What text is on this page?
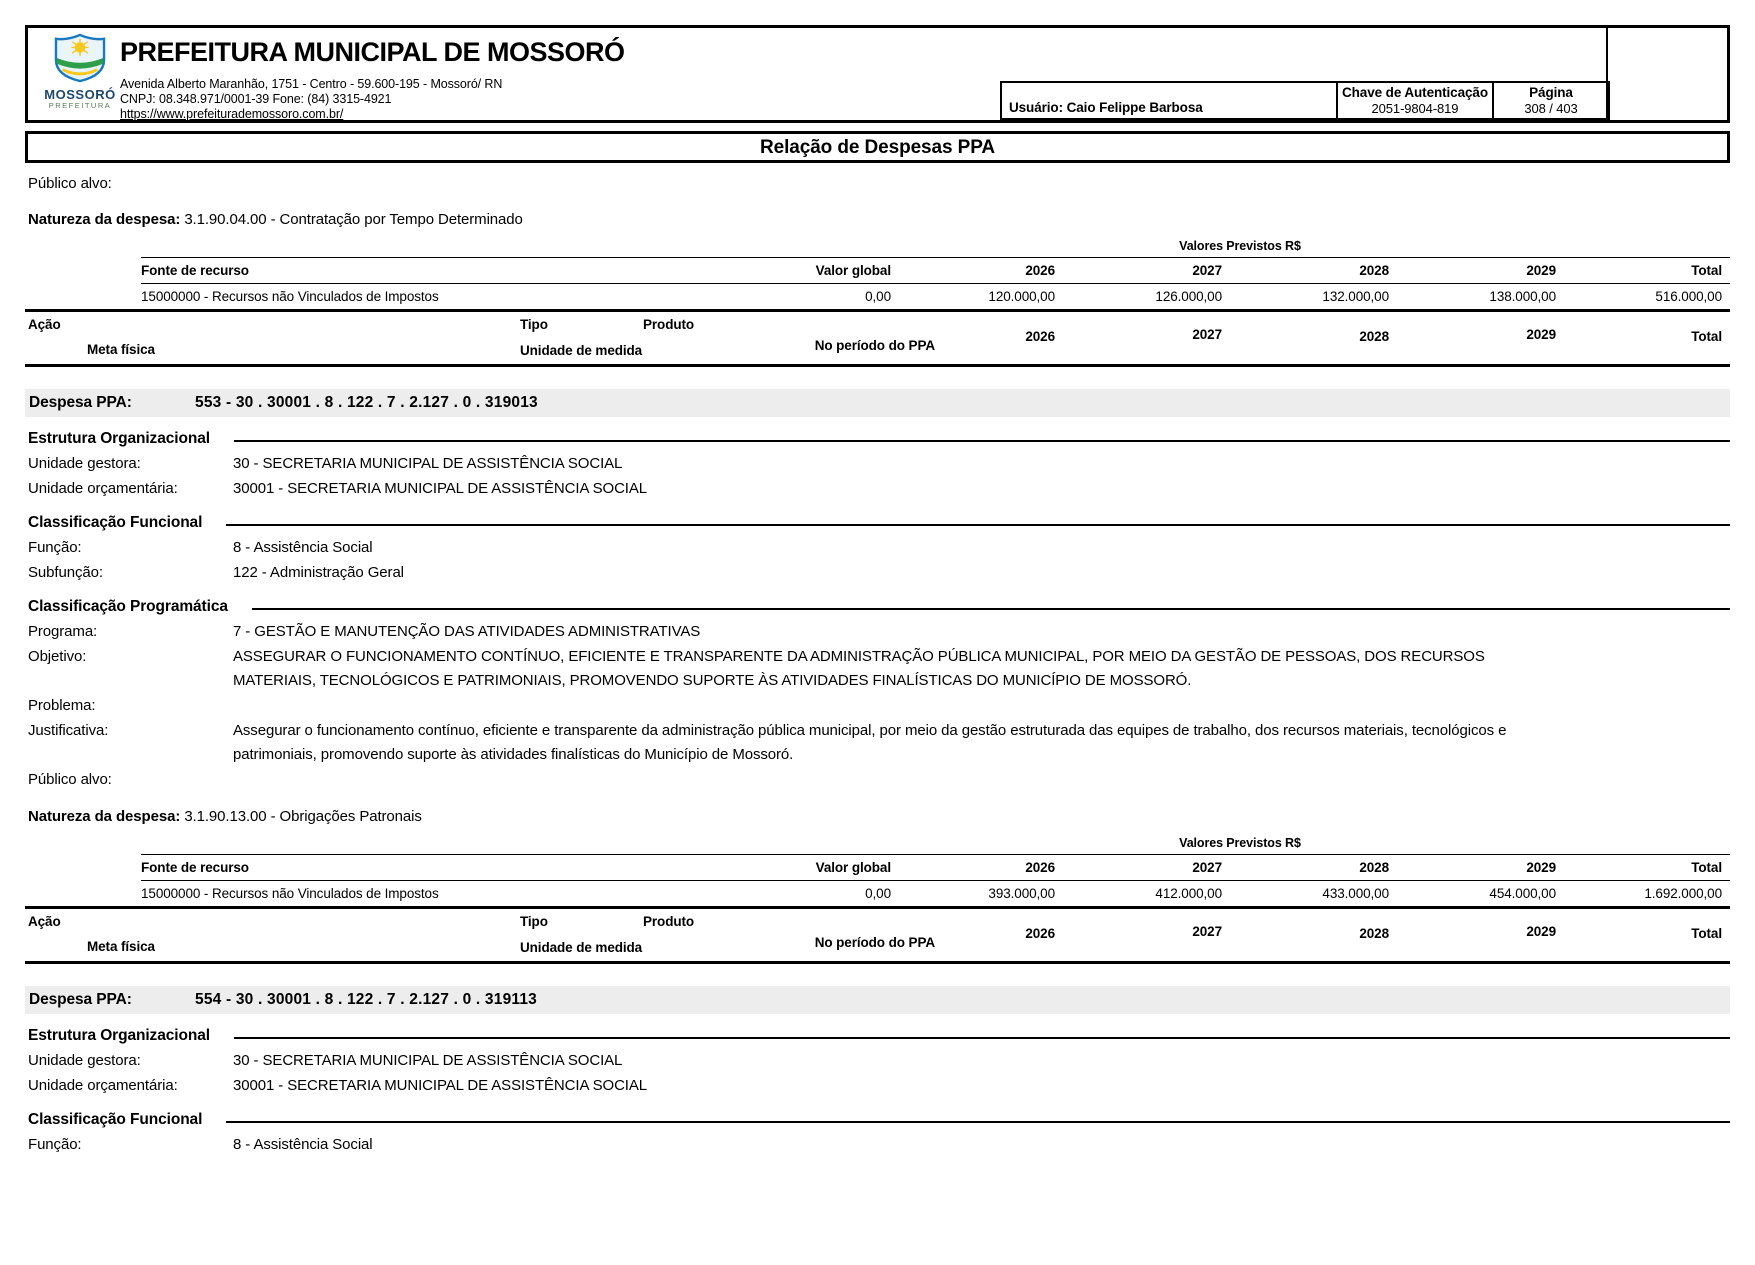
MOSSORÓ
PREFEITURA
PREFEITURA MUNICIPAL DE MOSSORÓ
Avenida Alberto Maranhão, 1751 - Centro - 59.600-195 - Mossoró/ RN
CNPJ: 08.348.971/0001-39 Fone: (84) 3315-4921
https://www.prefeiturademossoro.com.br/	Usuário: Caio Felippe Barbosa
Chave de Autenticação
2051-9804-819
Página
308 / 403
Relação de Despesas PPA
Público alvo:
Natureza da despesa: 3.1.90.04.00 - Contratação por Tempo Determinado
Valores Previstos R$
Fonte de recurso	Valor global	2026	2027	2028	2029	Total
15000000 - Recursos não Vinculados de Impostos	0,00	120.000,00	126.000,00	132.000,00	138.000,00	516.000,00
Ação	Tipo	Produto
Meta física	Unidade de medida	No período do PPA
2026	2027	2028	2029	Total
Despesa PPA:	553 - 30 . 30001 . 8 . 122 . 7 . 2.127 . 0 . 319013
Estrutura Organizacional
Unidade gestora:	30 - SECRETARIA MUNICIPAL DE ASSISTÊNCIA SOCIAL
Unidade orçamentária:	30001 - SECRETARIA MUNICIPAL DE ASSISTÊNCIA SOCIAL
Classificação Funcional
Função:	8 - Assistência Social
Subfunção:	122 - Administração Geral
Classificação Programática
Programa:	7 - GESTÃO E MANUTENÇÃO DAS ATIVIDADES ADMINISTRATIVAS
Objetivo:	ASSEGURAR O FUNCIONAMENTO CONTÍNUO, EFICIENTE E TRANSPARENTE DA ADMINISTRAÇÃO PÚBLICA MUNICIPAL, POR MEIO DA GESTÃO DE PESSOAS, DOS RECURSOS MATERIAIS, TECNOLÓGICOS E PATRIMONIAIS, PROMOVENDO SUPORTE ÀS ATIVIDADES FINALÍSTICAS DO MUNICÍPIO DE MOSSORÓ.
Problema:
Justificativa:	Assegurar o funcionamento contínuo, eficiente e transparente da administração pública municipal, por meio da gestão estruturada das equipes de trabalho, dos recursos materiais, tecnológicos e patrimoniais, promovendo suporte às atividades finalísticas do Município de Mossoró.
Público alvo:
Natureza da despesa: 3.1.90.13.00 - Obrigações Patronais
Valores Previstos R$
Fonte de recurso	Valor global	2026	2027	2028	2029	Total
15000000 - Recursos não Vinculados de Impostos	0,00	393.000,00	412.000,00	433.000,00	454.000,00	1.692.000,00
Ação	Tipo	Produto
Meta física	Unidade de medida	No período do PPA
2026	2027	2028	2029	Total
Despesa PPA:	554 - 30 . 30001 . 8 . 122 . 7 . 2.127 . 0 . 319113
Estrutura Organizacional
Unidade gestora:	30 - SECRETARIA MUNICIPAL DE ASSISTÊNCIA SOCIAL
Unidade orçamentária:	30001 - SECRETARIA MUNICIPAL DE ASSISTÊNCIA SOCIAL
Classificação Funcional
Função:	8 - Assistência Social
